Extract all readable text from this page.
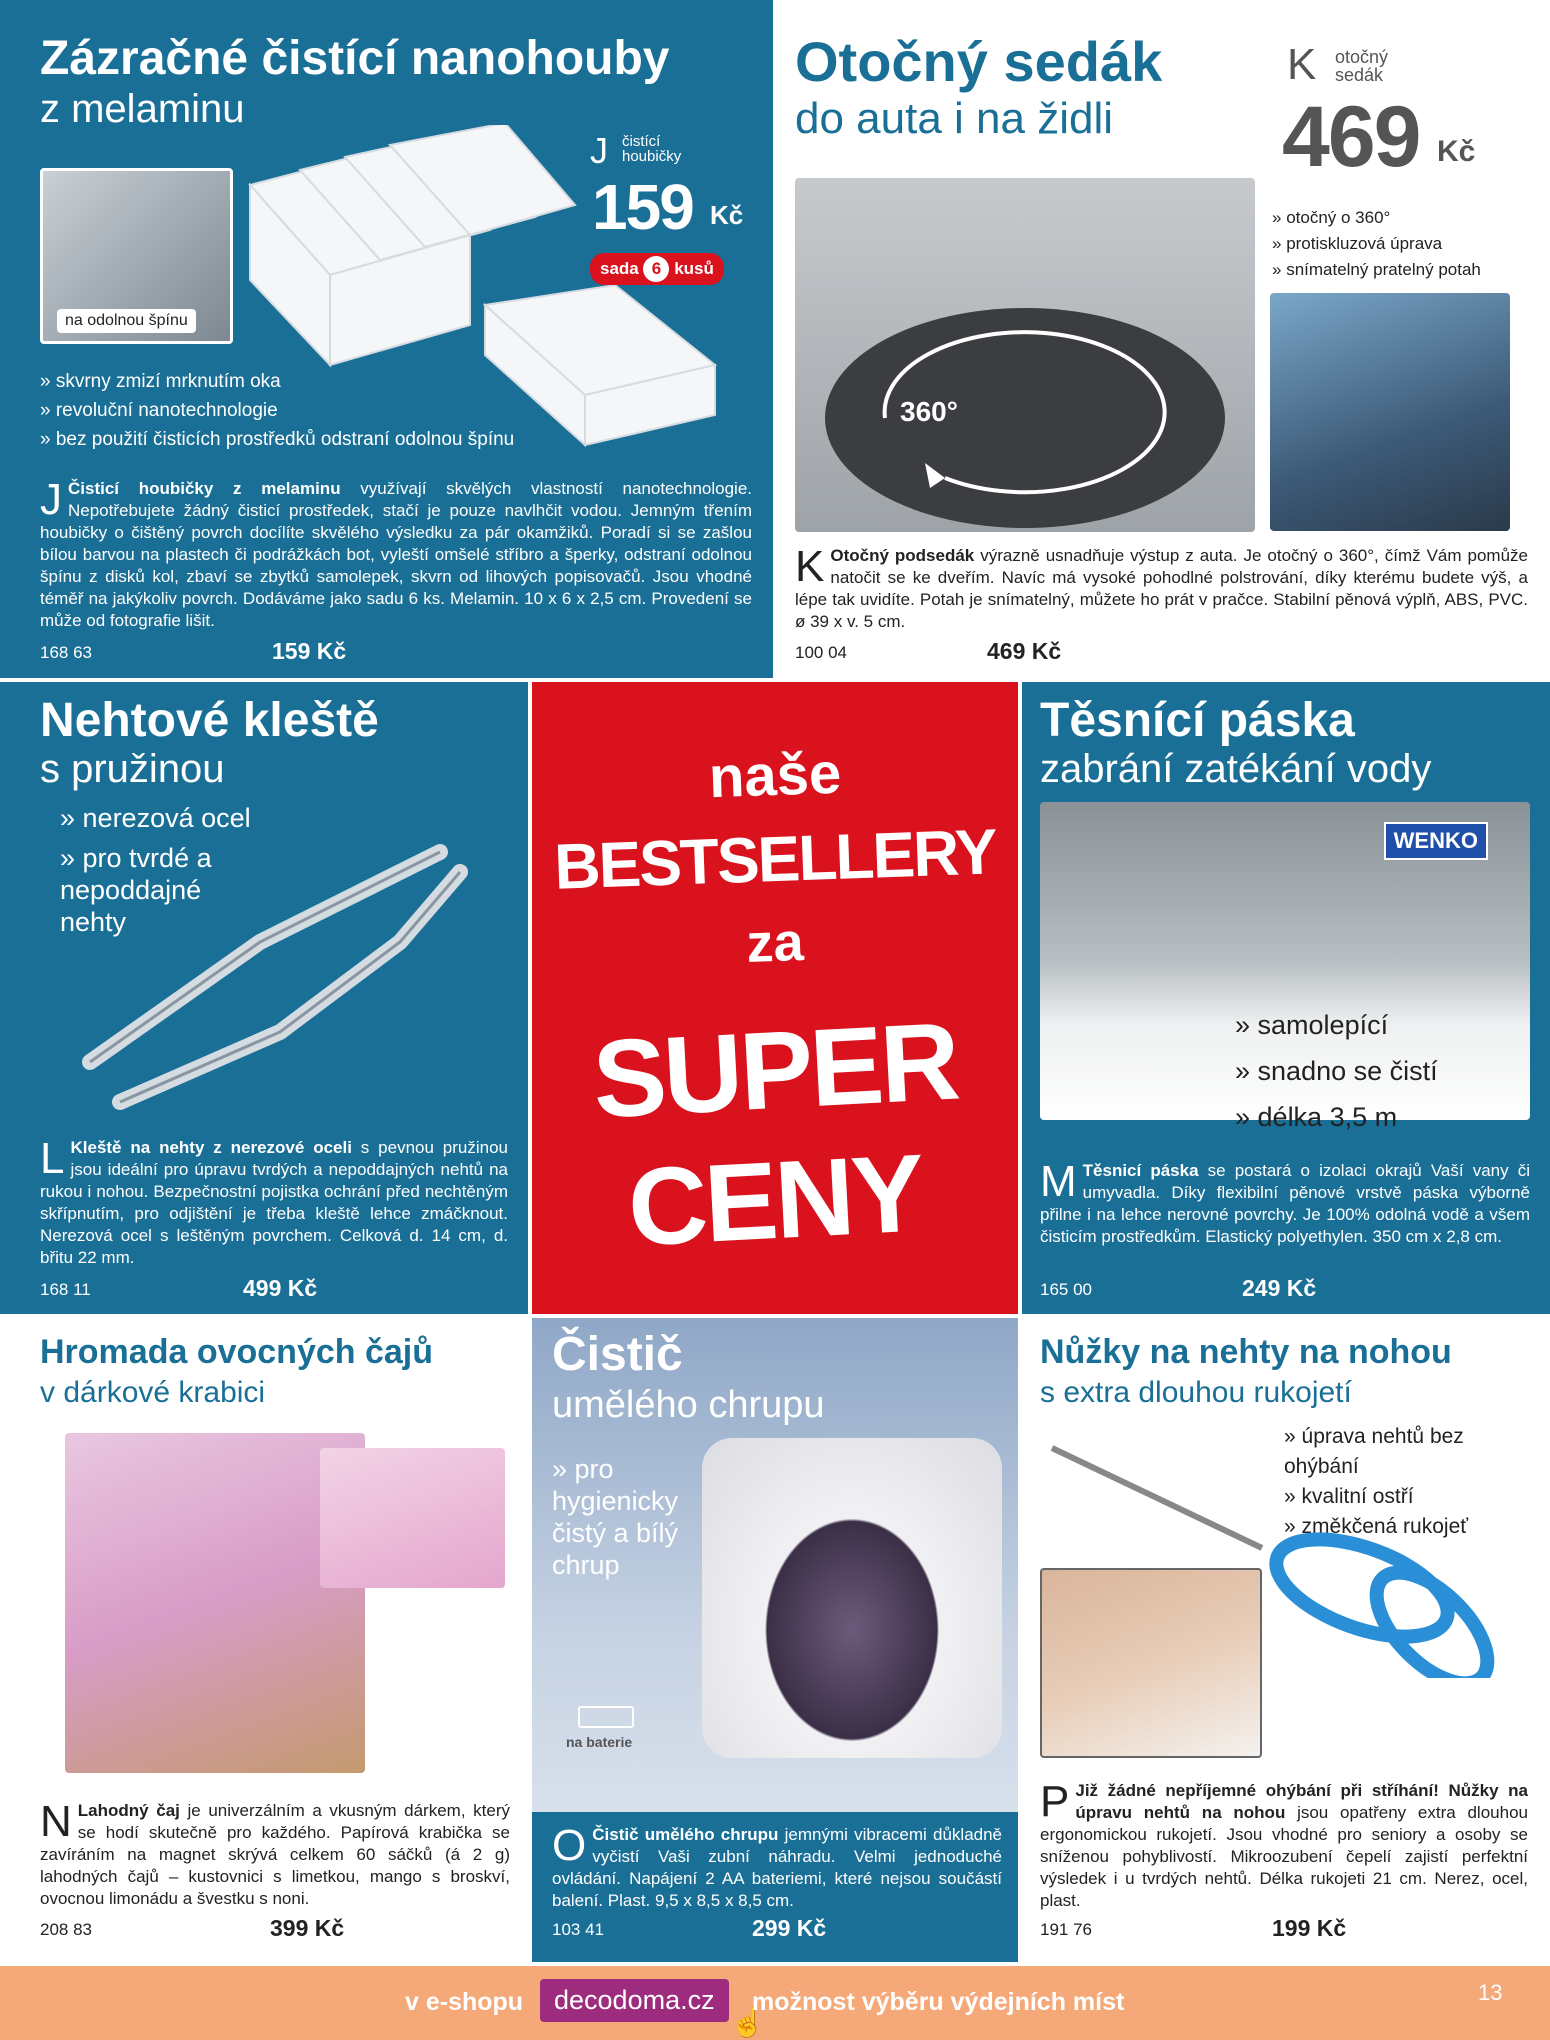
Zázračné čistící nanohouby
z melaminu
na odolnou špínu
J čistící houbičky
159 Kč
sada 6 kusů
» skvrny zmizí mrknutím oka
» revoluční nanotechnologie
» bez použití čisticích prostředků odstraní odolnou špínu
J Čisticí houbičky z melaminu využívají skvělých vlastností nanotechnologie. Nepotřebujete žádný čisticí prostředek, stačí je pouze navlhčit vodou. Jemným třením houbičky o čištěný povrch docílíte skvělého výsledku za pár okamžiků. Poradí si se zašlou bílou barvou na plastech či podrážkách bot, vyleští omšelé stříbro a šperky, odstraní odolnou špínu z disků kol, zbaví se zbytků samolepek, skvrn od lihových popisovačů. Jsou vhodné téměř na jakýkoliv povrch. Dodáváme jako sadu 6 ks. Melamin. 10 x 6 x 2,5 cm. Provedení se může od fotografie lišit.
168 63	159 Kč
Otočný sedák
do auta i na židli
K otočný sedák
469 Kč
360°
» otočný o 360°
» protiskluzová úprava
» snímatelný pratelný potah
K Otočný podsedák výrazně usnadňuje výstup z auta. Je otočný o 360°, čímž Vám pomůže natočit se ke dveřím. Navíc má vysoké pohodlné polstrování, díky kterému budete výš, a lépe tak uvidíte. Potah je snímatelný, můžete ho prát v pračce. Stabilní pěnová výplň, ABS, PVC. ø 39 x v. 5 cm.
100 04	469 Kč
Nehtové kleště
s pružinou
» nerezová ocel
» pro tvrdé a nepoddajné nehty
L Kleště na nehty z nerezové oceli s pevnou pružinou jsou ideální pro úpravu tvrdých a nepoddajných nehtů na rukou i nohou. Bezpečnostní pojistka ochrání před nechtěným skřípnutím, pro odjištění je třeba kleště lehce zmáčknout. Nerezová ocel s leštěným povrchem. Celková d. 14 cm, d. břitu 22 mm.
168 11	499 Kč
naše
BESTSELLERY
za
SUPER
CENY
Těsnící páska
zabrání zatékání vody
WENKO
» samolepící
» snadno se čistí
» délka 3,5 m
M Těsnicí páska se postará o izolaci okrajů Vaší vany či umyvadla. Díky flexibilní pěnové vrstvě páska výborně přilne i na lehce nerovné povrchy. Je 100% odolná vodě a všem čisticím prostředkům. Elastický polyethylen. 350 cm x 2,8 cm.
165 00	249 Kč
Hromada ovocných čajů
v dárkové krabici
N Lahodný čaj je univerzálním a vkusným dárkem, který se hodí skutečně pro každého. Papírová krabička se zavíráním na magnet skrývá celkem 60 sáčků (á 2 g) lahodných čajů – kustovnici s limetkou, mango s broskví, ovocnou limonádu a švestku s noni.
208 83	399 Kč
Čistič
umělého chrupu
» pro hygienicky čistý a bílý chrup
na baterie
O Čistič umělého chrupu jemnými vibracemi důkladně vyčistí Vaši zubní náhradu. Velmi jednoduché ovládání. Napájení 2 AA bateriemi, které nejsou součástí balení. Plast. 9,5 x 8,5 x 8,5 cm.
103 41	299 Kč
Nůžky na nehty na nohou
s extra dlouhou rukojetí
» úprava nehtů bez ohýbání
» kvalitní ostří
» změkčená rukojeť
P Již žádné nepříjemné ohýbání při stříhání! Nůžky na úpravu nehtů na nohou jsou opatřeny extra dlouhou ergonomickou rukojetí. Jsou vhodné pro seniory a osoby se sníženou pohyblivostí. Mikroozubení čepelí zajistí perfektní výsledek i u tvrdých nehtů. Délka rukojeti 21 cm. Nerez, ocel, plast.
191 76	199 Kč
v e-shopu	decodoma.cz
☝
možnost výběru výdejních míst	13
